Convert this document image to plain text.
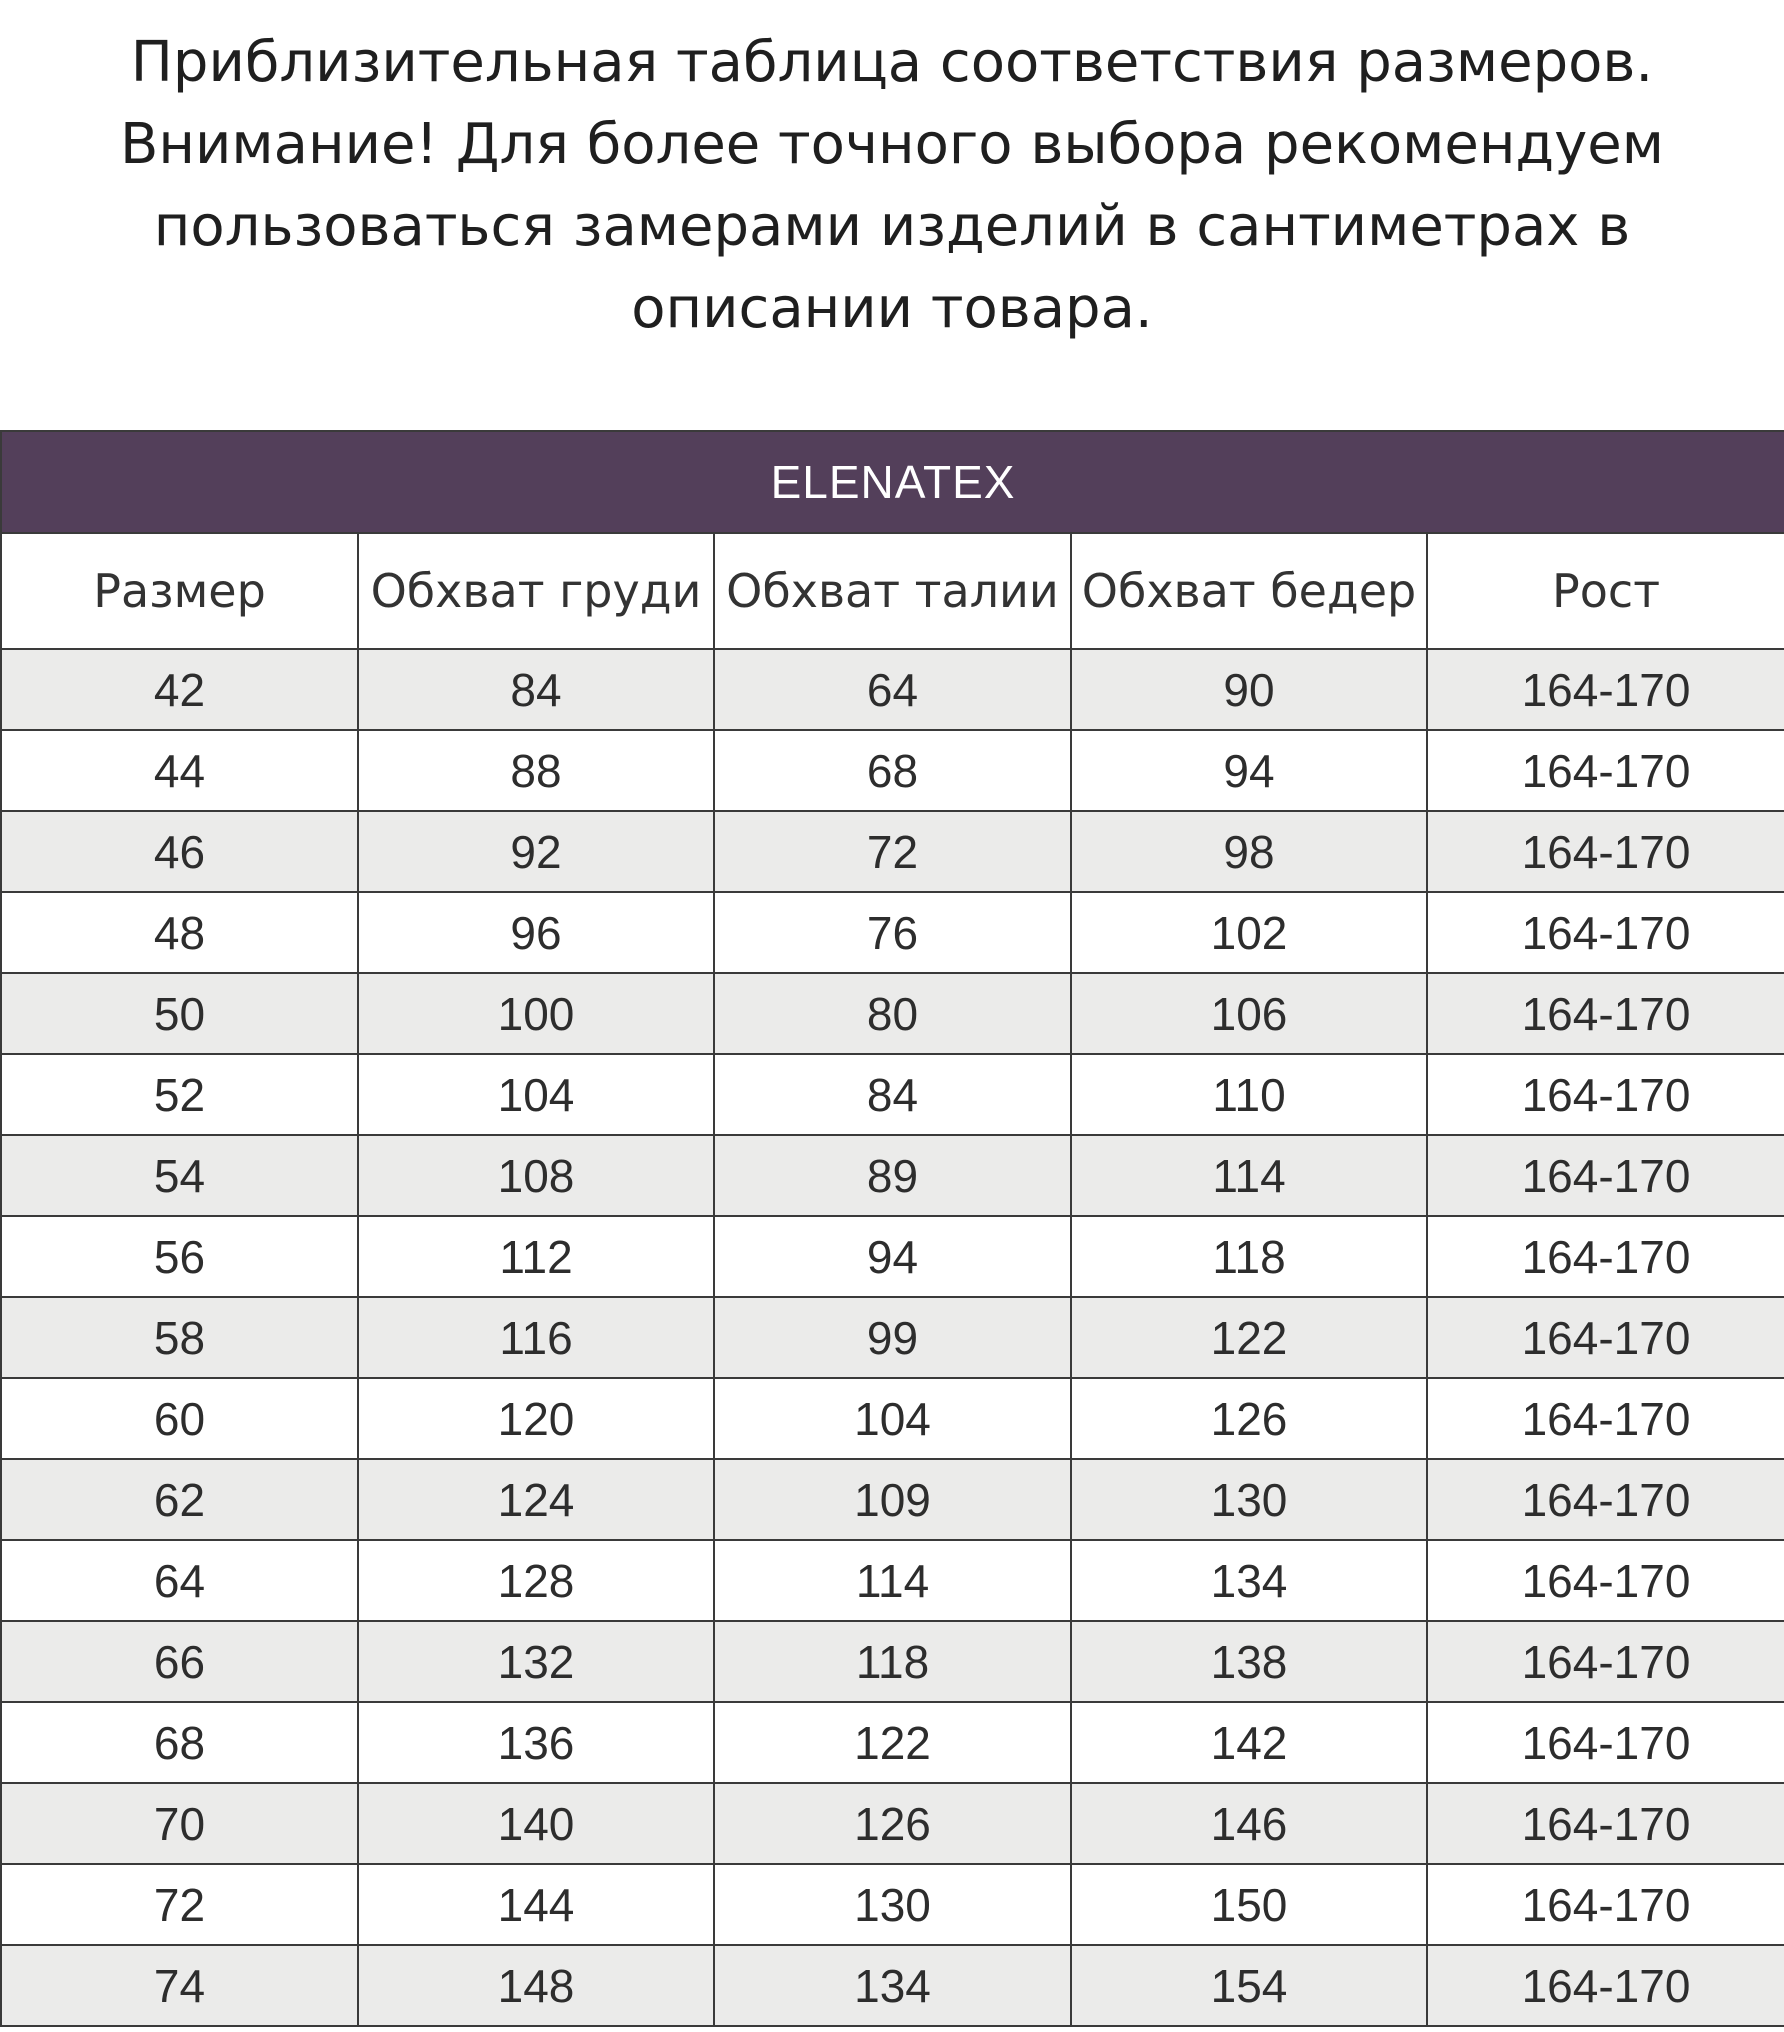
Приблизительная таблица соответствия размеров.
Внимание! Для более точного выбора рекомендуем
пользоваться замерами изделий в сантиметрах в
описании товара.
ELENATEX				
Размер	Обхват груди	Обхват талии	Обхват бедер	Рост
42	84	64	90	164-170
44	88	68	94	164-170
46	92	72	98	164-170
48	96	76	102	164-170
50	100	80	106	164-170
52	104	84	110	164-170
54	108	89	114	164-170
56	112	94	118	164-170
58	116	99	122	164-170
60	120	104	126	164-170
62	124	109	130	164-170
64	128	114	134	164-170
66	132	118	138	164-170
68	136	122	142	164-170
70	140	126	146	164-170
72	144	130	150	164-170
74	148	134	154	164-170
